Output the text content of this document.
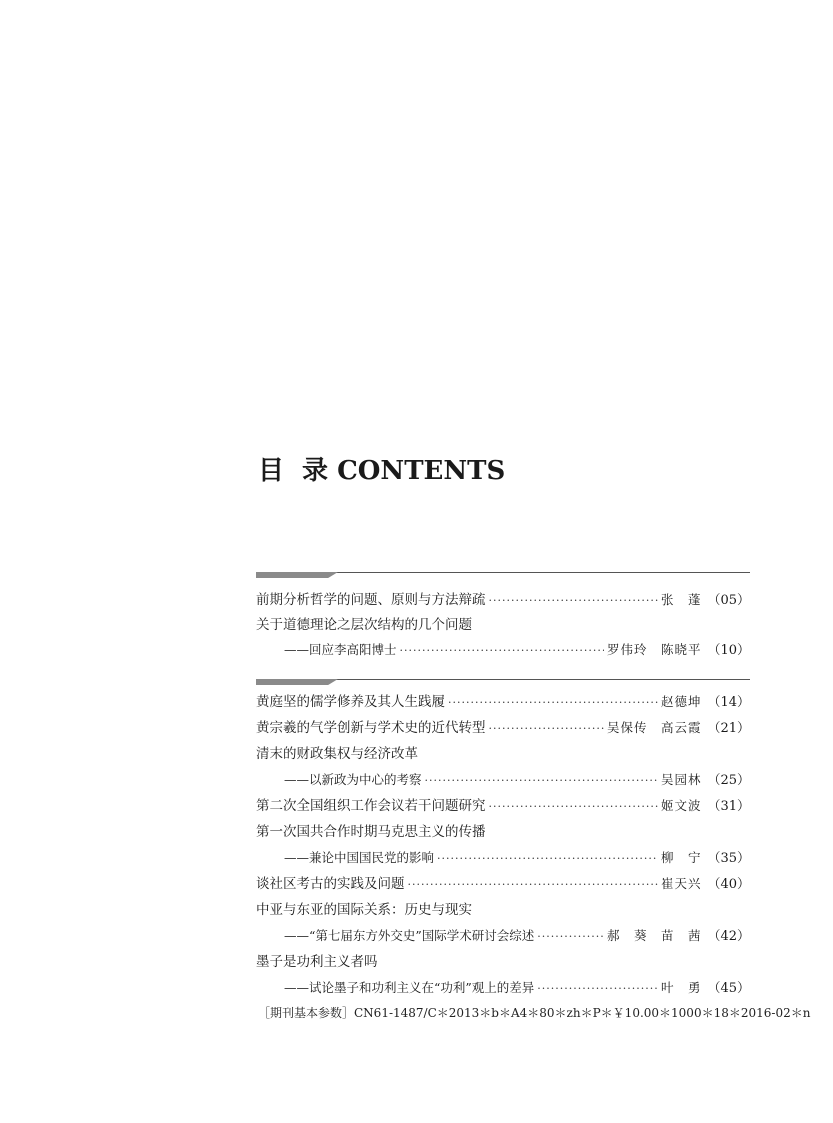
目 录 CONTENTS
前期分析哲学的问题、原则与方法辩疏 ·····	张　蓬 （05）
关于道德理论之层次结构的几个问题
——回应李高阳博士 ·····	罗伟玲　陈晓平 （10）
黄庭坚的儒学修养及其人生践履 ·····	赵德坤 （14）
黄宗羲的气学创新与学术史的近代转型 ·····	吴保传　高云霞 （21）
清末的财政集权与经济改革
——以新政为中心的考察 ·····	吴园林 （25）
第二次全国组织工作会议若干问题研究 ·····	姬文波 （31）
第一次国共合作时期马克思主义的传播
——兼论中国国民党的影响 ·····	柳　宁 （35）
谈社区考古的实践及问题 ·····	崔天兴 （40）
中亚与东亚的国际关系：历史与现实
——“第七届东方外交史”国际学术研讨会综述 ·····	郝　葵　苗　茜 （42）
墨子是功利主义者吗
——试论墨子和功利主义在“功利”观上的差异 ·····	叶　勇 （45）
［期刊基本参数］CN61-1487/C＊2013＊b＊A4＊80＊zh＊P＊￥10.00＊1000＊18＊2016-02＊n
